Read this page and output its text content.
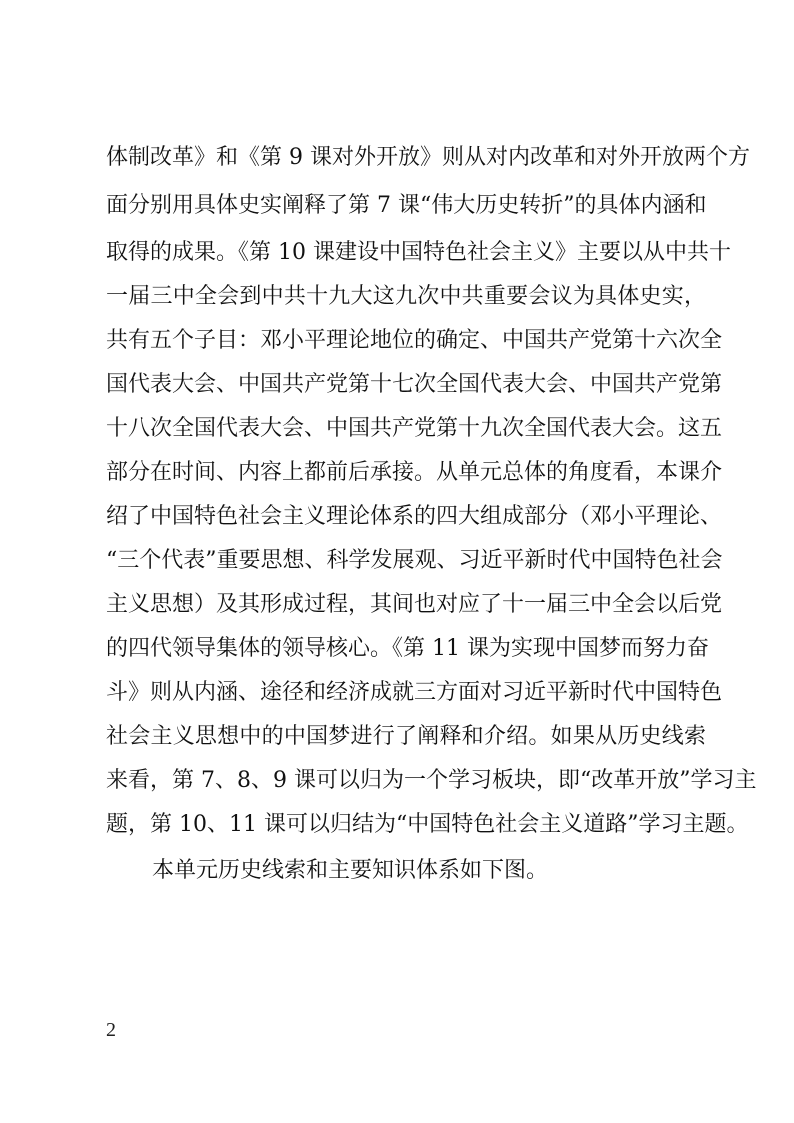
体制改革》和《第 9 课对外开放》则从对内改革和对外开放两个方
面分别用具体史实阐释了第 7 课“伟大历史转折”的具体内涵和
取得的成果。《第 10 课建设中国特色社会主义》主要以从中共十
一届三中全会到中共十九大这九次中共重要会议为具体史实，
共有五个子目：邓小平理论地位的确定、中国共产党第十六次全
国代表大会、中国共产党第十七次全国代表大会、中国共产党第
十八次全国代表大会、中国共产党第十九次全国代表大会。这五
部分在时间、内容上都前后承接。从单元总体的角度看，本课介
绍了中国特色社会主义理论体系的四大组成部分（邓小平理论、
“三个代表”重要思想、科学发展观、习近平新时代中国特色社会
主义思想）及其形成过程，其间也对应了十一届三中全会以后党
的四代领导集体的领导核心。《第 11 课为实现中国梦而努力奋
斗》则从内涵、途径和经济成就三方面对习近平新时代中国特色
社会主义思想中的中国梦进行了阐释和介绍。如果从历史线索
来看，第 7、8、9 课可以归为一个学习板块，即“改革开放”学习主
题，第 10、11 课可以归结为“中国特色社会主义道路”学习主题。
本单元历史线索和主要知识体系如下图。
2
